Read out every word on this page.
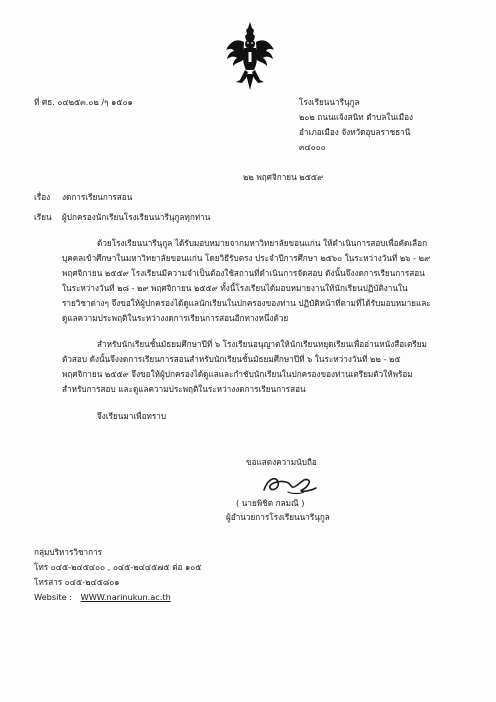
ที่ ศธ. ๐๔๒๕๓.๐๒ /ๆ ๑๕๐๑	โรงเรียนนารีนุกูล
๒๐๒ ถนนแจ้งสนิท ตำบลในเมือง
อำเภอเมือง จังหวัดอุบลราชธานี
๓๔๐๐๐
๒๒ พฤศจิกายน ๒๕๕๙
เรื่อง งดการเรียนการสอน
เรียน ผู้ปกครองนักเรียนโรงเรียนนารีนุกูลทุกท่าน
ด้วยโรงเรียนนารีนุกูล ได้รับมอบหมายจากมหาวิทยาลัยขอนแก่น ให้ดำเนินการสอบเพื่อคัดเลือก
บุคคลเข้าศึกษาในมหาวิทยาลัยขอนแก่น โดยวิธีรับตรง ประจำปีการศึกษา ๒๕๖๐ ในระหว่างวันที่ ๒๖ - ๒๙
พฤศจิกายน ๒๕๕๙ โรงเรียนมีความจำเป็นต้องใช้สถานที่ดำเนินการจัดสอบ ดังนั้นจึงงดการเรียนการสอน
ในระหว่างวันที่ ๒๘ - ๒๙ พฤศจิกายน ๒๕๕๙ ทั้งนี้โรงเรียนได้มอบหมายงานให้นักเรียนปฏิบัติงานใน
รายวิชาต่างๆ จึงขอให้ผู้ปกครองได้ดูแลนักเรียนในปกครองของท่าน ปฏิบัติหน้าที่ตามที่ได้รับมอบหมายและ
ดูแลความประพฤติในระหว่างงดการเรียนการสอนอีกทางหนึ่งด้วย
สำหรับนักเรียนชั้นมัธยมศึกษาปีที่ ๖ โรงเรียนอนุญาตให้นักเรียนหยุดเรียนเพื่ออ่านหนังสือเตรียม
ตัวสอบ ดังนั้นจึงงดการเรียนการสอนสำหรับนักเรียนชั้นมัธยมศึกษาปีที่ ๖ ในระหว่างวันที่ ๒๒ - ๒๕
พฤศจิกายน ๒๕๕๙ จึงขอให้ผู้ปกครองได้ดูแลและกำชับนักเรียนในปกครองของท่านเตรียมตัวให้พร้อม
สำหรับการสอบ และดูแลความประพฤติในระหว่างงดการเรียนการสอน
จึงเรียนมาเพื่อทราบ
ขอแสดงความนับถือ
( นายพิชิต กลมณี )
ผู้อำนวยการโรงเรียนนารีนุกูล
กลุ่มบริหารวิชาการ
โทร ๐๔๕-๒๔๕๔๐๐ , ๐๔๕-๒๔๔๕๗๕ ต่อ ๑๐๕
โทรสาร ๐๔๕-๒๔๕๘๐๑
Website : WWW.narinukun.ac.th
